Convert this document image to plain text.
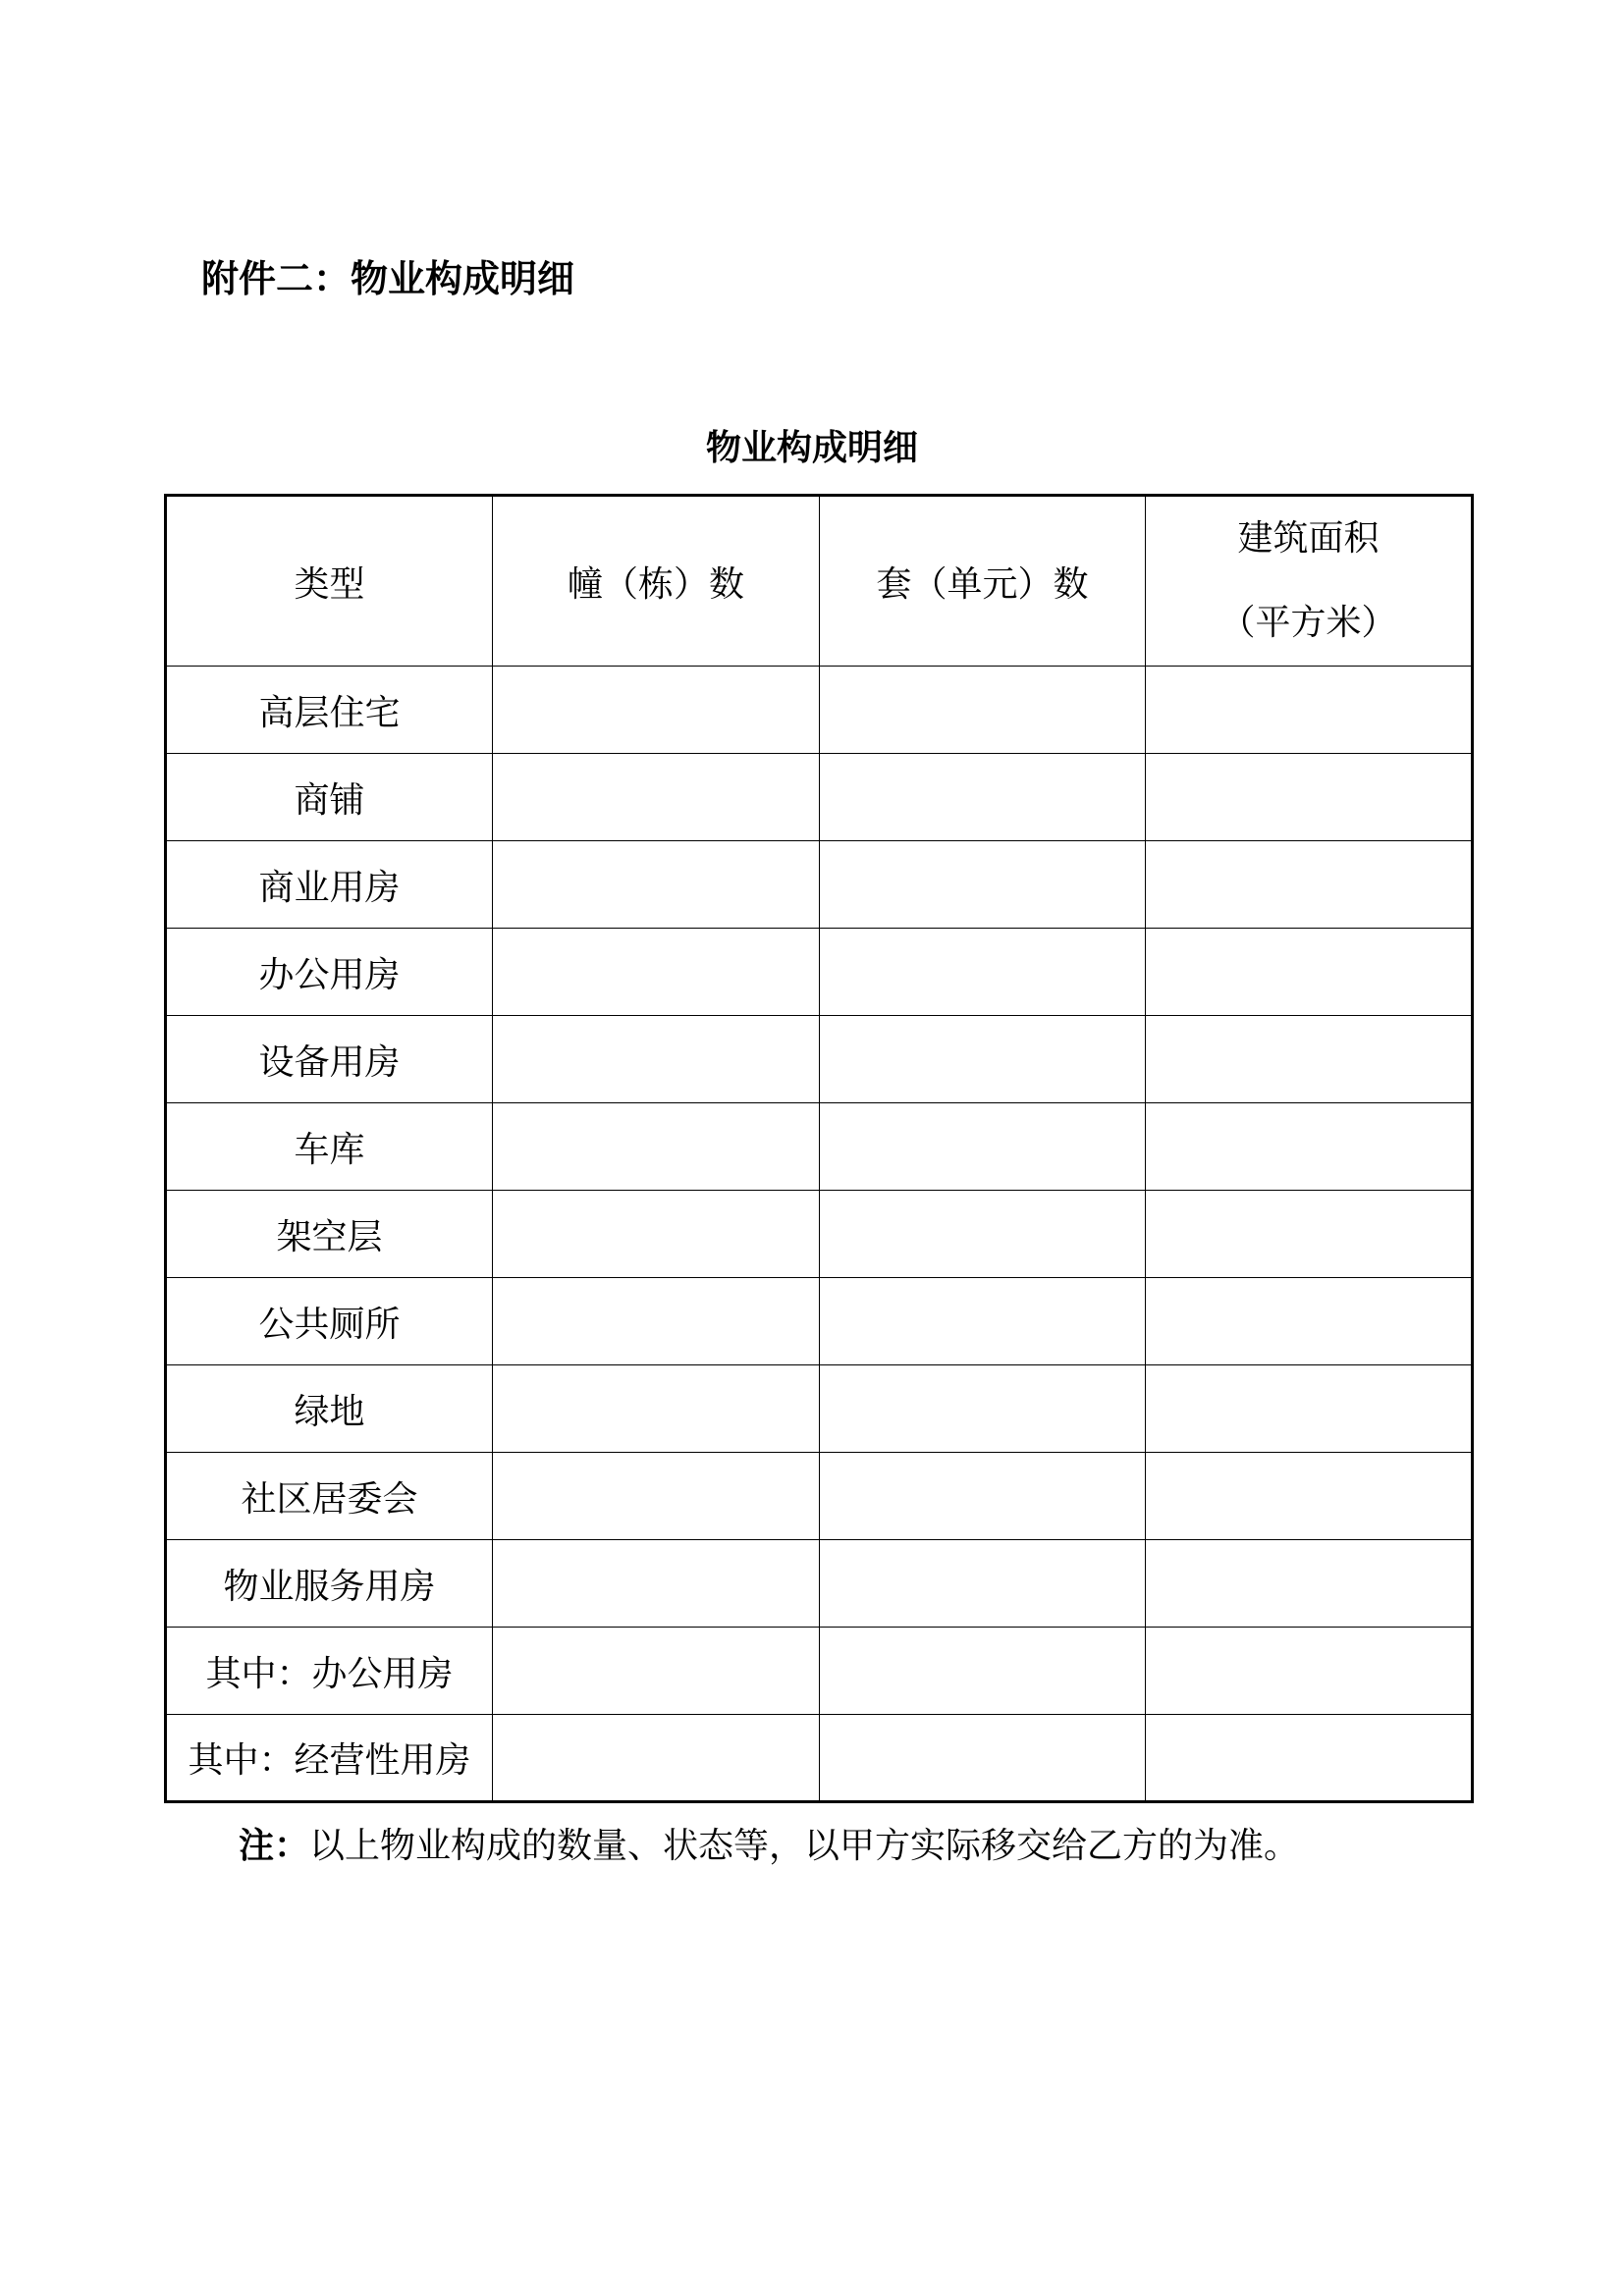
附件二：物业构成明细
物业构成明细
类型	幢（栋）数	套（单元）数	建筑面积
（平方米）

高层住宅			
商铺			
商业用房			
办公用房			
设备用房			
车库			
架空层			
公共厕所			
绿地			
社区居委会			
物业服务用房			
其中：办公用房			
其中：经营性用房			
注：以上物业构成的数量、状态等，以甲方实际移交给乙方的为准。
